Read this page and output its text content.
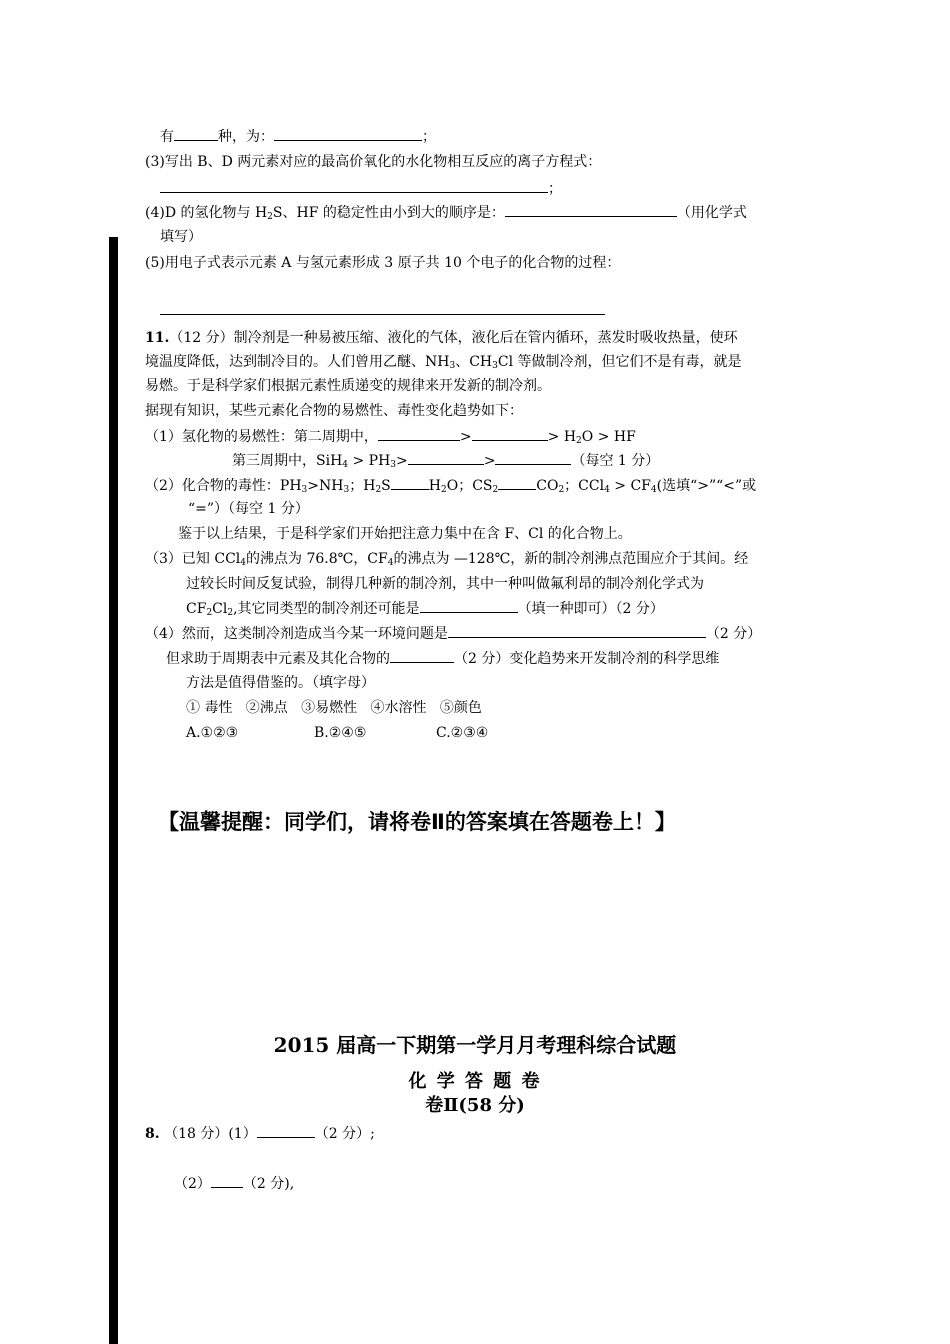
有	种，为：	；
(3)写出 B、D 两元素对应的最高价氧化的水化物相互反应的离子方程式：
；
(4)D 的氢化物与 $H_2S$、HF 的稳定性由小到大的顺序是：	（用化学式
填写）
(5)用电子式表示元素 A 与氢元素形成 3 原子共 10 个电子的化合物的过程：
11.（12 分）制冷剂是一种易被压缩、液化的气体，液化后在管内循环，蒸发时吸收热量，使环
境温度降低，达到制冷目的。人们曾用乙醚、$NH_3$、$CH_3Cl$ 等做制冷剂，但它们不是有毒，就是
易燃。于是科学家们根据元素性质递变的规律来开发新的制冷剂。
据现有知识，某些元素化合物的易燃性、毒性变化趋势如下：
（1）氢化物的易燃性：第二周期中，	>	> $H_2O$ > HF
第三周期中，$SiH_4 > PH_3>$	>	（每空 1 分）
（2）化合物的毒性：$PH_3>NH_3$；$H_2S$	$H_2O$；$CS_2$	$CO_2$；$CCl_4 > CF_4$(选填“>”“<”或
“=”）（每空 1 分）
鉴于以上结果，于是科学家们开始把注意力集中在含 F、Cl 的化合物上。
（3）已知 CCl$_4$的沸点为 76.8℃，$CF_4$的沸点为 —128℃，新的制冷剂沸点范围应介于其间。经
过较长时间反复试验，制得几种新的制冷剂，其中一种叫做氟利昂的制冷剂化学式为
$CF_2Cl_2$,其它同类型的制冷剂还可能是	（填一种即可）（2 分）
（4）然而，这类制冷剂造成当今某一环境问题是	（2 分）
但求助于周期表中元素及其化合物的	（2 分）变化趋势来开发制冷剂的科学思维
方法是值得借鉴的。（填字母）
① 毒性   ②沸点   ③易燃性   ④水溶性   ⑤颜色
A.①②③	B.②④⑤	C.②③④
【温馨提醒：同学们，请将卷Ⅱ的答案填在答题卷上！】
2015 届高一下期第一学月月考理科综合试题
化 学 答 题 卷
卷Ⅱ(58 分)
8. （18 分）(1）	（2 分）;
（2） （2 分),
